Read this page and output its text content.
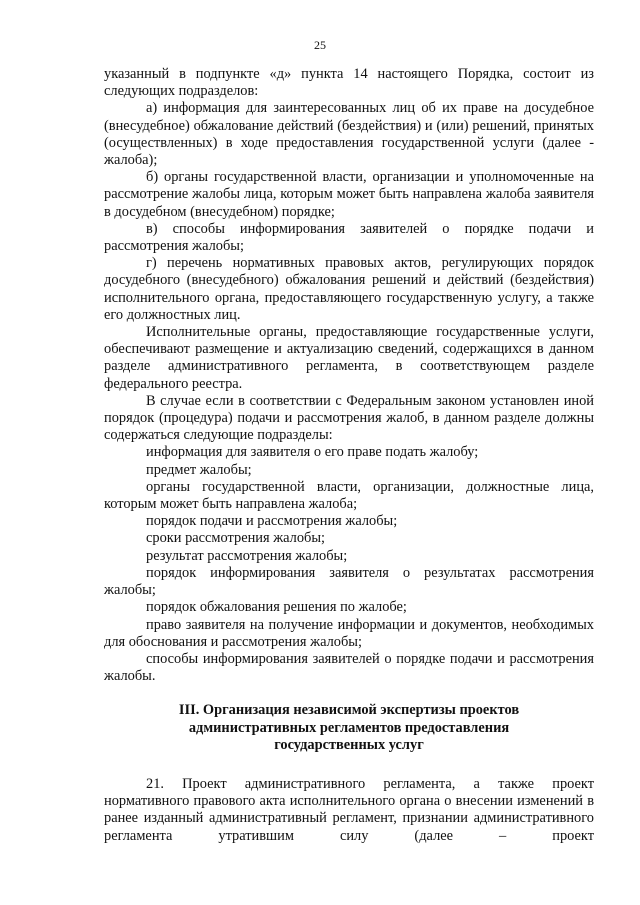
25

указанный в подпункте «д» пункта 14 настоящего Порядка, состоит из следующих подразделов:

а) информация для заинтересованных лиц об их праве на досудебное (внесудебное) обжалование действий (бездействия) и (или) решений, принятых (осуществленных) в ходе предоставления государственной услуги (далее - жалоба);

б) органы государственной власти, организации и уполномоченные на рассмотрение жалобы лица, которым может быть направлена жалоба заявителя в досудебном (внесудебном) порядке;

в) способы информирования заявителей о порядке подачи и рассмотрения жалобы;

г) перечень нормативных правовых актов, регулирующих порядок досудебного (внесудебного) обжалования решений и действий (бездействия) исполнительного органа, предоставляющего государственную услугу, а также его должностных лиц.

Исполнительные органы, предоставляющие государственные услуги, обеспечивают размещение и актуализацию сведений, содержащихся в данном разделе административного регламента, в соответствующем разделе федерального реестра.

В случае если в соответствии с Федеральным законом установлен иной порядок (процедура) подачи и рассмотрения жалоб, в данном разделе должны содержаться следующие подразделы:

информация для заявителя о его праве подать жалобу;

предмет жалобы;

органы государственной власти, организации, должностные лица, которым может быть направлена жалоба;

порядок подачи и рассмотрения жалобы;

сроки рассмотрения жалобы;

результат рассмотрения жалобы;

порядок информирования заявителя о результатах рассмотрения жалобы;

порядок обжалования решения по жалобе;

право заявителя на получение информации и документов, необходимых для обоснования и рассмотрения жалобы;

способы информирования заявителей о порядке подачи и рассмотрения жалобы.

III. Организация независимой экспертизы проектов
административных регламентов предоставления
государственных услуг

21. Проект административного регламента, а также проект нормативного правового акта исполнительного органа о внесении изменений в ранее изданный административный регламент, признании административного регламента утратившим силу (далее – проект
